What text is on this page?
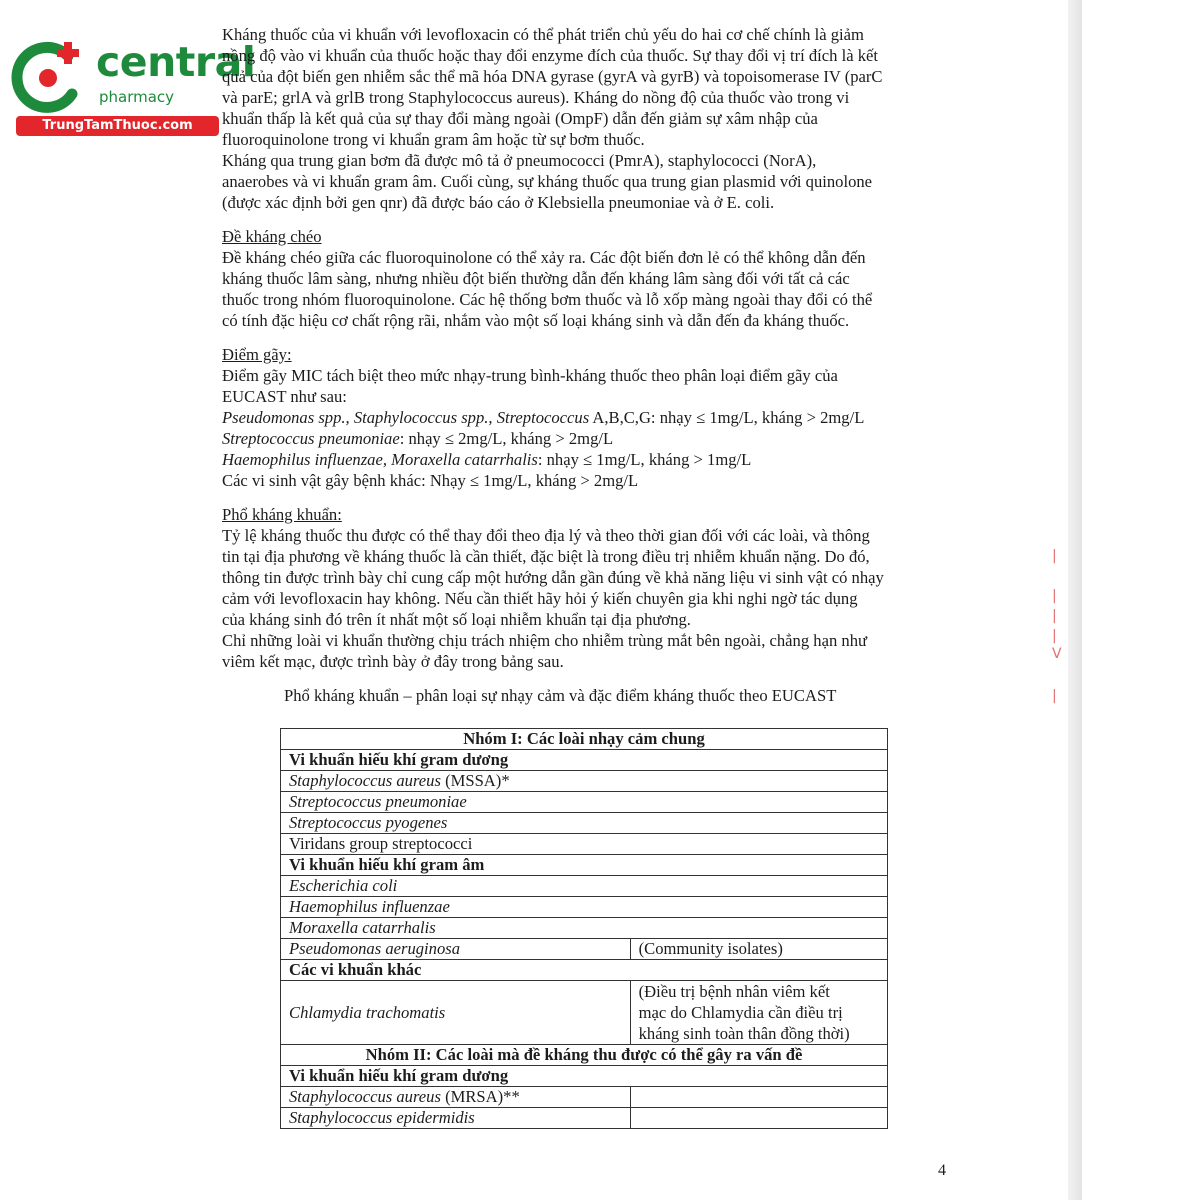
central
pharmacy
TrungTamThuoc.com

Kháng thuốc của vi khuẩn với levofloxacin có thể phát triển chủ yếu do hai cơ chế chính là giảm
nồng độ vào vi khuẩn của thuốc hoặc thay đổi enzyme đích của thuốc. Sự thay đổi vị trí đích là kết
quả của đột biến gen nhiễm sắc thể mã hóa DNA gyrase (gyrA và gyrB) và topoisomerase IV (parC
và parE; grlA và grlB trong Staphylococcus aureus). Kháng do nồng độ của thuốc vào trong vi
khuẩn thấp là kết quả của sự thay đổi màng ngoài (OmpF) dẫn đến giảm sự xâm nhập của
fluoroquinolone trong vi khuẩn gram âm hoặc từ sự bơm thuốc.

Kháng qua trung gian bơm đã được mô tả ở pneumococci (PmrA), staphylococci (NorA),
anaerobes và vi khuẩn gram âm. Cuối cùng, sự kháng thuốc qua trung gian plasmid với quinolone
(được xác định bởi gen qnr) đã được báo cáo ở Klebsiella pneumoniae và ở E. coli.

Đề kháng chéo

Đề kháng chéo giữa các fluoroquinolone có thể xảy ra. Các đột biến đơn lẻ có thể không dẫn đến
kháng thuốc lâm sàng, nhưng nhiều đột biến thường dẫn đến kháng lâm sàng đối với tất cả các
thuốc trong nhóm fluoroquinolone. Các hệ thống bơm thuốc và lỗ xốp màng ngoài thay đổi có thể
có tính đặc hiệu cơ chất rộng rãi, nhắm vào một số loại kháng sinh và dẫn đến đa kháng thuốc.

Điểm gãy:

Điểm gãy MIC tách biệt theo mức nhạy-trung bình-kháng thuốc theo phân loại điểm gãy của
EUCAST như sau:
Pseudomonas spp., Staphylococcus spp., Streptococcus A,B,C,G: nhạy ≤ 1mg/L, kháng > 2mg/L
Streptococcus pneumoniae: nhạy ≤ 2mg/L, kháng > 2mg/L
Haemophilus influenzae, Moraxella catarrhalis: nhạy ≤ 1mg/L, kháng > 1mg/L
Các vi sinh vật gây bệnh khác: Nhạy ≤ 1mg/L, kháng > 2mg/L

Phổ kháng khuẩn:

Tỷ lệ kháng thuốc thu được có thể thay đổi theo địa lý và theo thời gian đối với các loài, và thông
tin tại địa phương về kháng thuốc là cần thiết, đặc biệt là trong điều trị nhiễm khuẩn nặng. Do đó,
thông tin được trình bày chỉ cung cấp một hướng dẫn gần đúng về khả năng liệu vi sinh vật có nhạy
cảm với levofloxacin hay không. Nếu cần thiết hãy hỏi ý kiến chuyên gia khi nghi ngờ tác dụng
của kháng sinh đó trên ít nhất một số loại nhiễm khuẩn tại địa phương.
Chỉ những loài vi khuẩn thường chịu trách nhiệm cho nhiễm trùng mắt bên ngoài, chẳng hạn như
viêm kết mạc, được trình bày ở đây trong bảng sau.

Phổ kháng khuẩn – phân loại sự nhạy cảm và đặc điểm kháng thuốc theo EUCAST
Nhóm I: Các loài nhạy cảm chung	
Vi khuẩn hiếu khí gram dương	
Staphylococcus aureus (MSSA)*	
Streptococcus pneumoniae	
Streptococcus pyogenes	
Viridans group streptococci	
Vi khuẩn hiếu khí gram âm	
Escherichia coli	
Haemophilus influenzae	
Moraxella catarrhalis	
Pseudomonas aeruginosa	(Community isolates)
Các vi khuẩn khác	
Chlamydia trachomatis	(Điều trị bệnh nhân viêm kết
mạc do Chlamydia cần điều trị
kháng sinh toàn thân đồng thời)
Nhóm II: Các loài mà đề kháng thu được có thể gây ra vấn đề	
Vi khuẩn hiếu khí gram dương	
Staphylococcus aureus (MRSA)**	
Staphylococcus epidermidis	
4
|
|
|
|
V
|
